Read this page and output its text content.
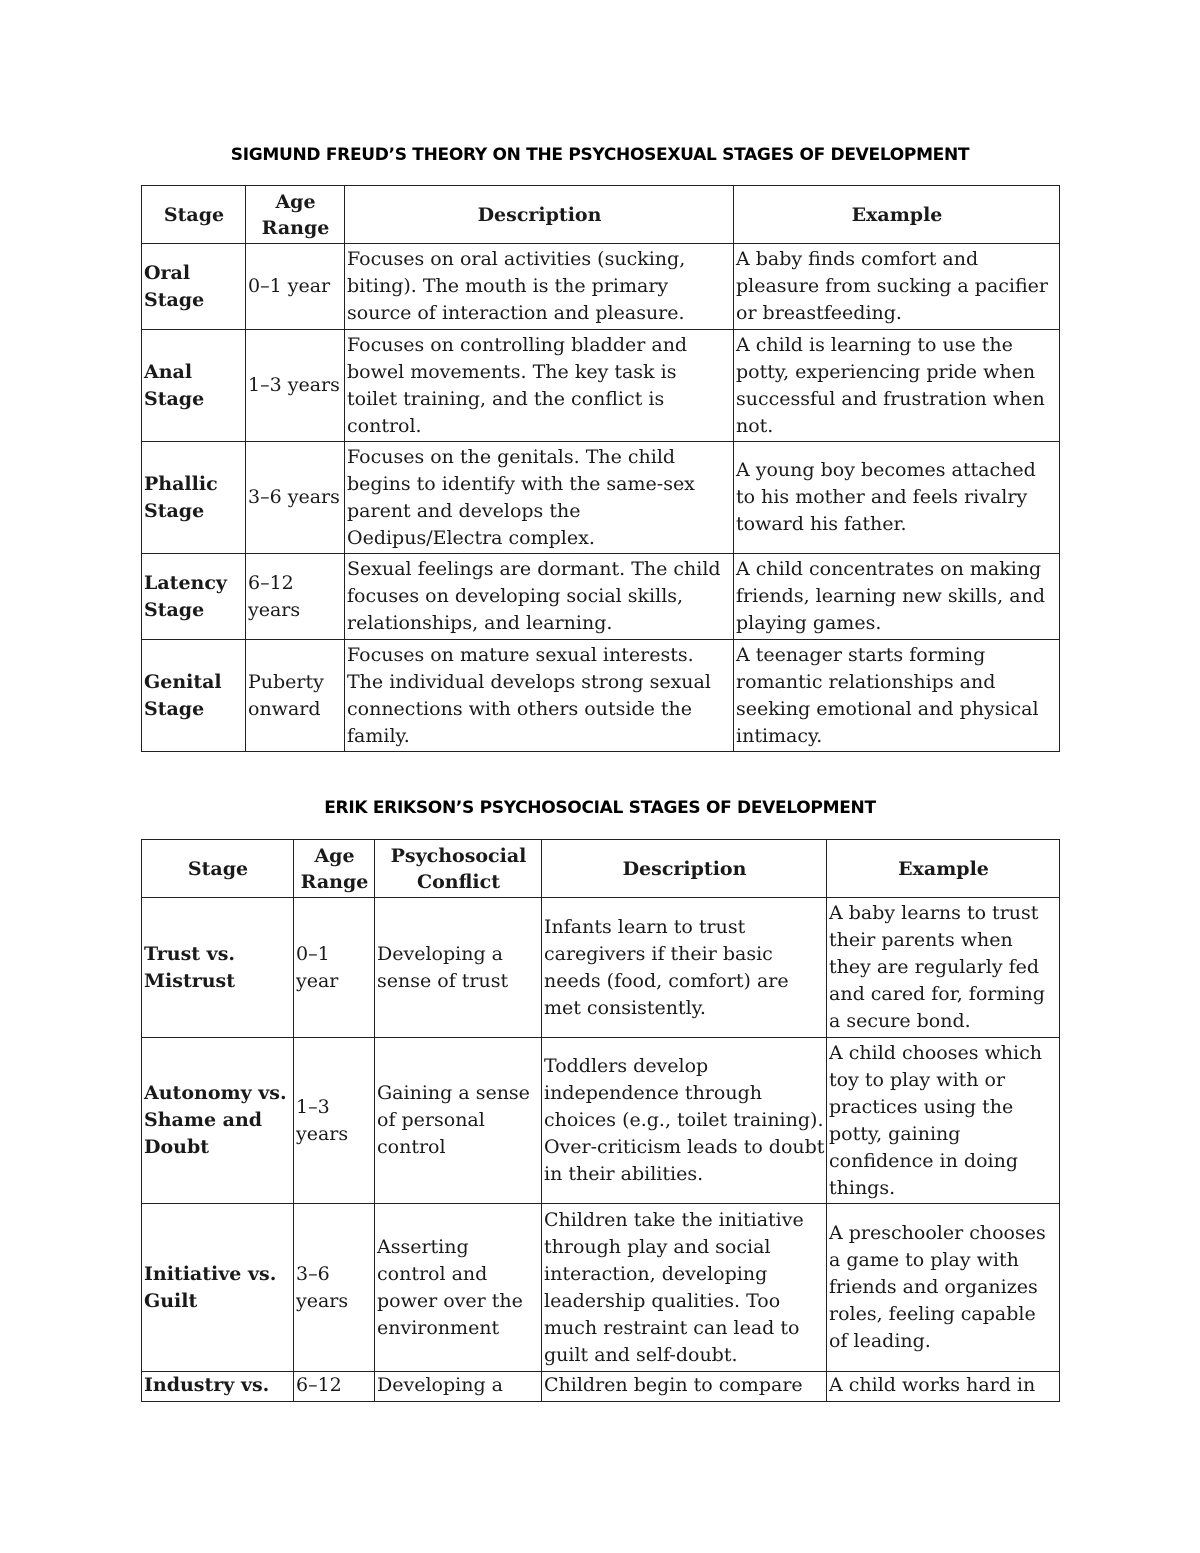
SIGMUND FREUD’S THEORY ON THE PSYCHOSEXUAL STAGES OF DEVELOPMENT
Stage	Age Range	Description	Example
Oral Stage	0–1 year	Focuses on oral activities (sucking, biting). The mouth is the primary source of interaction and pleasure.	A baby finds comfort and pleasure from sucking a pacifier or breastfeeding.
Anal Stage	1–3 years	Focuses on controlling bladder and bowel movements. The key task is toilet training, and the conflict is control.	A child is learning to use the potty, experiencing pride when successful and frustration when not.
Phallic Stage	3–6 years	Focuses on the genitals. The child begins to identify with the same-sex parent and develops the Oedipus/Electra complex.	A young boy becomes attached to his mother and feels rivalry toward his father.
Latency Stage	6–12 years	Sexual feelings are dormant. The child focuses on developing social skills, relationships, and learning.	A child concentrates on making friends, learning new skills, and playing games.
Genital Stage	Puberty onward	Focuses on mature sexual interests. The individual develops strong sexual connections with others outside the family.	A teenager starts forming romantic relationships and seeking emotional and physical intimacy.
ERIK ERIKSON’S PSYCHOSOCIAL STAGES OF DEVELOPMENT
Stage	Age Range	Psychosocial Conflict	Description	Example
Trust vs. Mistrust	0–1 year	Developing a sense of trust	Infants learn to trust caregivers if their basic needs (food, comfort) are met consistently.	A baby learns to trust their parents when they are regularly fed and cared for, forming a secure bond.
Autonomy vs. Shame and Doubt	1–3 years	Gaining a sense of personal control	Toddlers develop independence through choices (e.g., toilet training). Over-criticism leads to doubt in their abilities.	A child chooses which toy to play with or practices using the potty, gaining confidence in doing things.
Initiative vs. Guilt	3–6 years	Asserting control and power over the environment	Children take the initiative through play and social interaction, developing leadership qualities. Too much restraint can lead to guilt and self-doubt.	A preschooler chooses a game to play with friends and organizes roles, feeling capable of leading.
Industry vs.	6–12	Developing a	Children begin to compare	A child works hard in
